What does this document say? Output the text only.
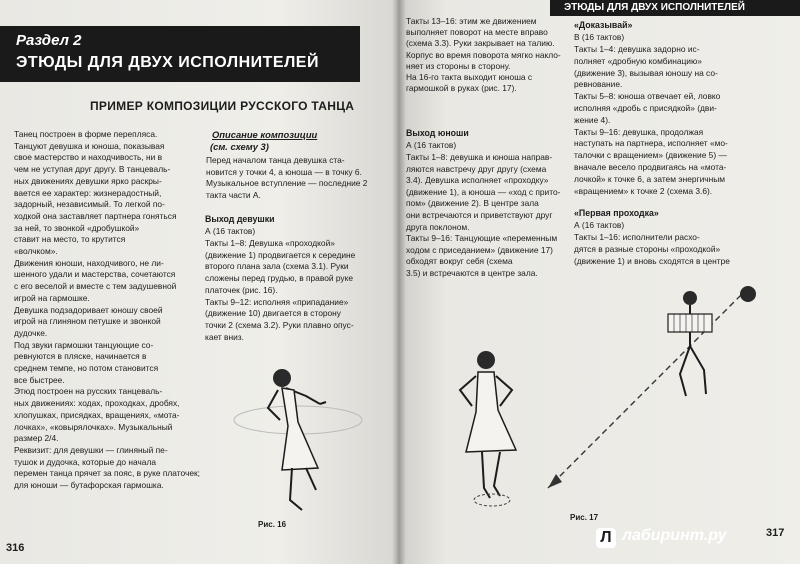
Раздел 2
ЭТЮДЫ ДЛЯ ДВУХ ИСПОЛНИТЕЛЕЙ
ПРИМЕР КОМПОЗИЦИИ РУССКОГО ТАНЦА
Танец построен в форме перепляса.
Танцуют девушка и юноша, показывая
свое мастерство и находчивость, ни в
чем не уступая друг другу. В танцеваль-
ных движениях девушки ярко раскры-
вается ее характер: жизнерадостный,
задорный, независимый. То легкой по-
ходкой она заставляет партнера гоняться
за ней, то звонкой «дробушкой»
ставит на место, то крутится
«волчком».
Движения юноши, находчивого, не ли-
шенного удали и мастерства, сочетаются
с его веселой и вместе с тем задушевной
игрой на гармошке.
Девушка подзадоривает юношу своей
игрой на глиняном петушке и звонкой
дудочке.
Под звуки гармошки танцующие со-
ревнуются в пляске, начинается в
среднем темпе, но потом становится
все быстрее.
Этюд построен на русских танцеваль-
ных движениях: ходах, проходках, дробях,
хлопушках, присядках, вращениях, «мота-
лочках», «ковырялочках». Музыкальный
размер 2/4.
Реквизит: для девушки — глиняный пе-
тушок и дудочка, которые до начала
перемен танца прячет за пояс, в руке платочек;
для юноши — бутафорская гармошка.
Описание композиции
(см. схему 3)
Перед началом танца девушка ста-
новится у точки 4, а юноша — в точку 6.
Музыкальное вступление — последние 2
такта части А.
Выход девушки
А (16 тактов)
Такты 1–8: Девушка «проходкой»
(движение 1) продвигается к середине
второго плана зала (схема 3.1). Руки
сложены перед грудью, в правой руке
платочек (рис. 16).
Такты 9–12: исполняя «припадание»
(движение 10) двигается в сторону
точки 2 (схема 3.2). Руки плавно опус-
кает вниз.
Рис. 16
316
Такты 13–16: этим же движением
выполняет поворот на месте вправо
(схема 3.3). Руки закрывает на талию.
Корпус во время поворота мягко накло-
няет из стороны в сторону.
На 16-го такта выходит юноша с
гармошкой в руках (рис. 17).
Выход юноши
А (16 тактов)
Такты 1–8: девушка и юноша направ-
ляются навстречу друг другу (схема
3.4). Девушка исполняет «проходку»
(движение 1), а юноша — «ход с прито-
пом» (движение 2). В центре зала
они встречаются и приветствуют друг
друга поклоном.
Такты 9–16: Танцующие «переменным
ходом с приседанием» (движение 17)
обходят вокруг себя (схема
3.5) и встречаются в центре зала.
Рис. 17
ЭТЮДЫ ДЛЯ ДВУХ ИСПОЛНИТЕЛЕЙ
«Доказывай»
В (16 тактов)
Такты 1–4: девушка задорно ис-
полняет «дробную комбинацию»
(движение 3), вызывая юношу на со-
ревнование.
Такты 5–8: юноша отвечает ей, ловко
исполняя «дробь с присядкой» (дви-
жение 4).
Такты 9–16: девушка, продолжая
наступать на партнера, исполняет «мо-
талочки с вращением» (движение 5) —
вначале весело продвигаясь на «мота-
лочкой» к точке 6, а затем энергичным
«вращением» к точке 2 (схема 3.6).
«Первая проходка»
А (16 тактов)
Такты 1–16: исполнители расхо-
дятся в разные стороны «проходкой»
(движение 1) и вновь сходятся в центре
317
Л лабиринт.ру
